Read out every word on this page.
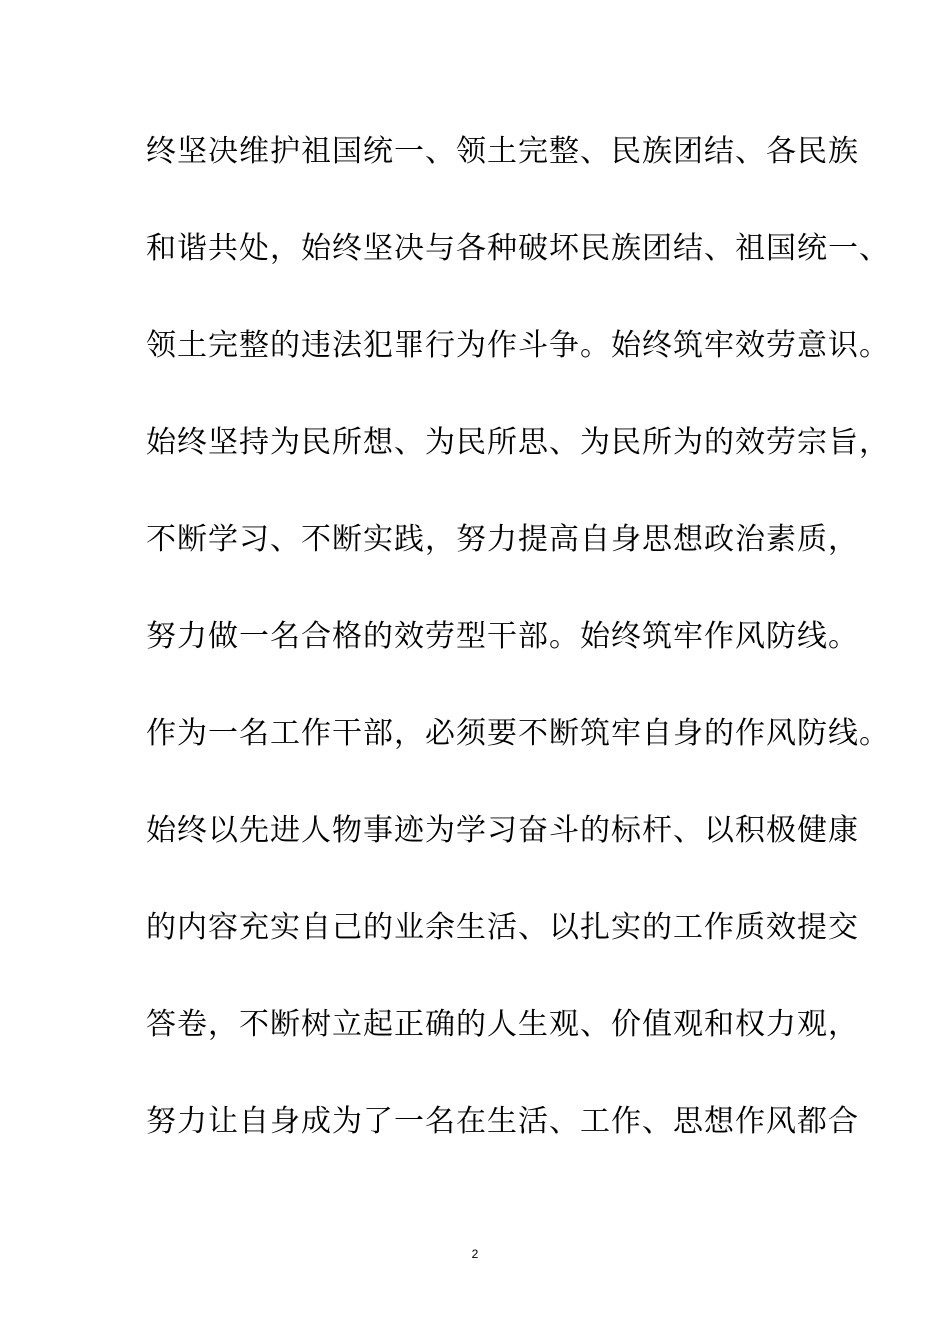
终坚决维护祖国统一、领土完整、民族团结、各民族
和谐共处，始终坚决与各种破坏民族团结、祖国统一、
领土完整的违法犯罪行为作斗争。始终筑牢效劳意识。
始终坚持为民所想、为民所思、为民所为的效劳宗旨，
不断学习、不断实践，努力提高自身思想政治素质，
努力做一名合格的效劳型干部。始终筑牢作风防线。
作为一名工作干部，必须要不断筑牢自身的作风防线。
始终以先进人物事迹为学习奋斗的标杆、以积极健康
的内容充实自己的业余生活、以扎实的工作质效提交
答卷，不断树立起正确的人生观、价值观和权力观，
努力让自身成为了一名在生活、工作、思想作风都合
2
